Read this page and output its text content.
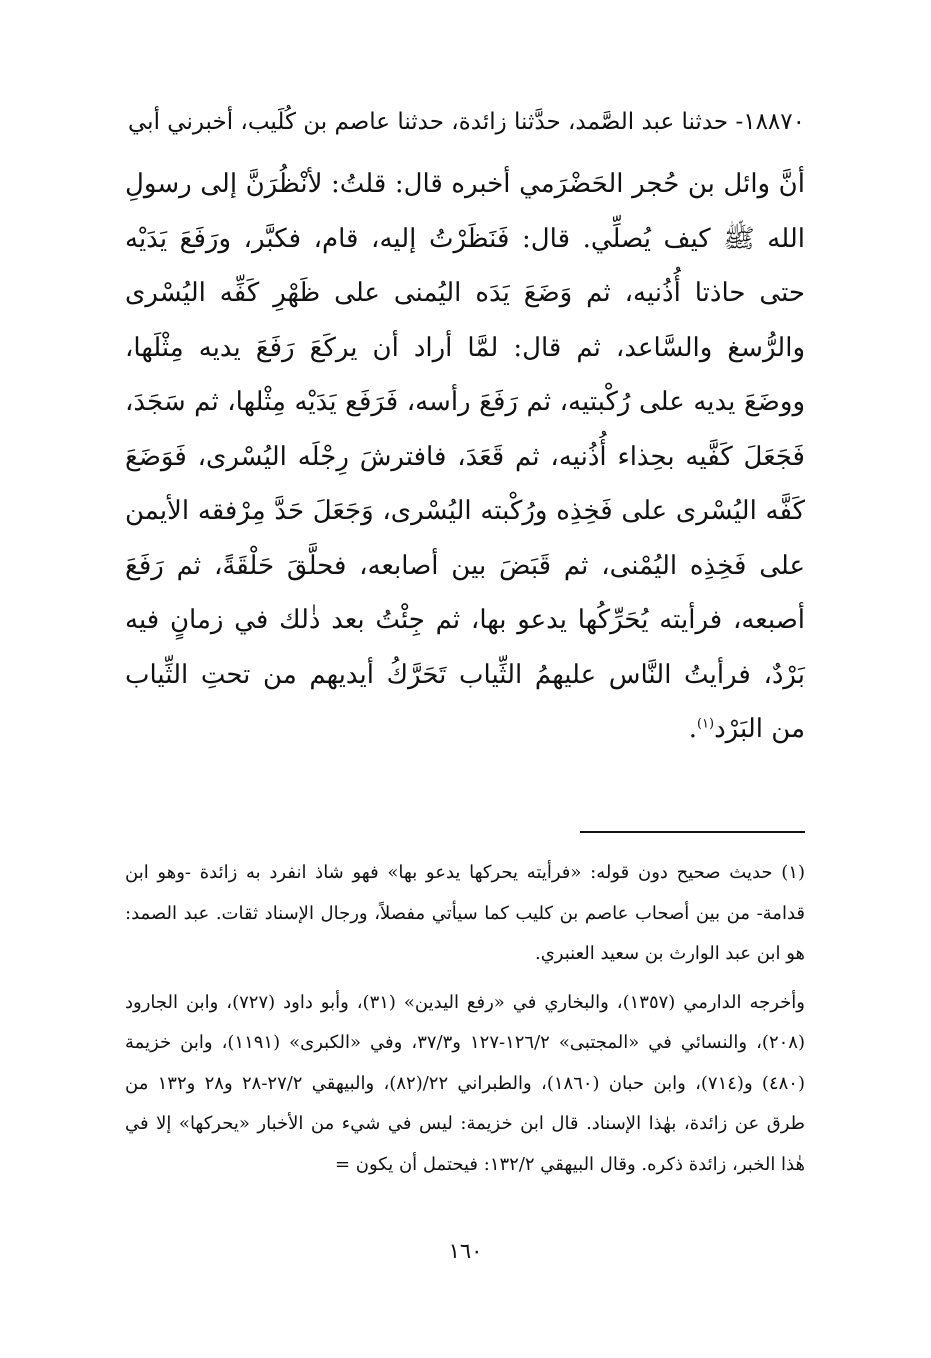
١٨٨٧٠- حدثنا عبد الصَّمد، حدَّثنا زائدة، حدثنا عاصم بن كُلَيب، أخبرني أبي

أنَّ وائل بن حُجر الحَضْرَمي أخبره قال: قلتُ: لأنْظُرَنَّ إلى رسولِ الله ﷺ كيف يُصلِّي. قال: فَنَظَرْتُ إليه، قام، فكبَّر، ورَفَعَ يَدَيْه حتى حاذتا أُذُنيه، ثم وَضَعَ يَدَه اليُمنى على ظَهْرِ كَفِّه اليُسْرى والرُّسغ والسَّاعد، ثم قال: لمَّا أراد أن يركَعَ رَفَعَ يديه مِثْلَها، ووضَعَ يديه على رُكْبتيه، ثم رَفَعَ رأسه، فَرَفَع يَدَيْه مِثْلها، ثم سَجَدَ، فَجَعَلَ كَفَّيه بحِذاء أُذُنيه، ثم قَعَدَ، فافترشَ رِجْلَه اليُسْرى، فَوَضَعَ كَفَّه اليُسْرى على فَخِذِه ورُكْبته اليُسْرى، وَجَعَلَ حَدَّ مِرْفقه الأيمن على فَخِذِه اليُمْنى، ثم قَبَضَ بين أصابعه، فحلَّقَ حَلْقَةً، ثم رَفَعَ أصبعه، فرأيته يُحَرِّكُها يدعو بها، ثم جِئْتُ بعد ذٰلك في زمانٍ فيه بَرْدٌ، فرأيتُ النَّاس عليهمُ الثِّياب تَحَرَّكُ أيديهم من تحتِ الثِّياب من البَرْد$^{(١)}$.

(١) حديث صحيح دون قوله: «فرأيته يحركها يدعو بها» فهو شاذ انفرد به زائدة -وهو ابن قدامة- من بين أصحاب عاصم بن كليب كما سيأتي مفصلاً، ورجال الإسناد ثقات. عبد الصمد: هو ابن عبد الوارث بن سعيد العنبري.

وأخرجه الدارمي (١٣٥٧)، والبخاري في «رفع اليدين» (٣١)، وأبو داود (٧٢٧)، وابن الجارود (٢٠٨)، والنسائي في «المجتبى» ١٢٦/٢-١٢٧ و٣٧/٣، وفي «الكبرى» (١١٩١)، وابن خزيمة (٤٨٠) و(٧١٤)، وابن حبان (١٨٦٠)، والطبراني ٢٢/(٨٢)، والبيهقي ٢٧/٢-٢٨ و٢٨ و١٣٢ من طرق عن زائدة، بهٰذا الإسناد. قال ابن خزيمة: ليس في شيء من الأخبار «يحركها» إلا في هٰذا الخبر، زائدة ذكره. وقال البيهقي ١٣٢/٢: فيحتمل أن يكون =

١٦٠
